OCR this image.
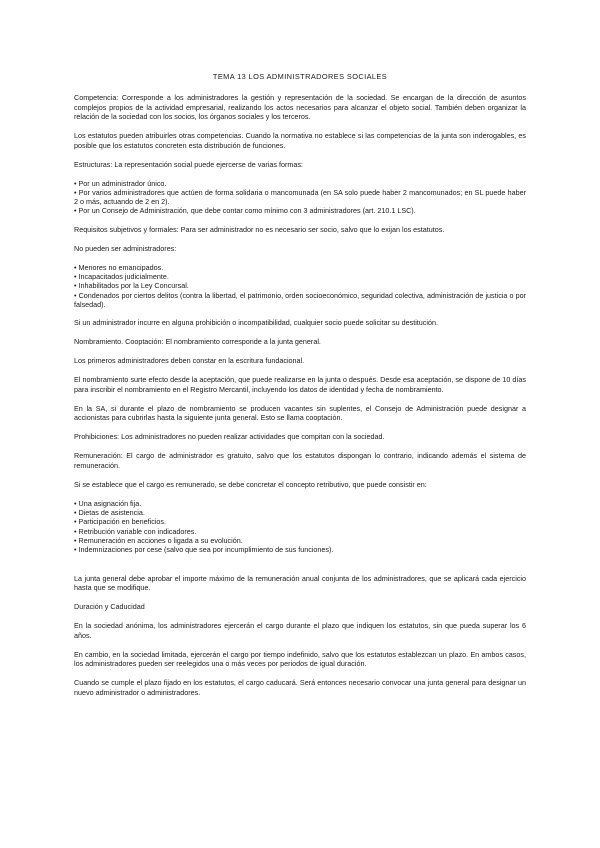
TEMA 13 LOS ADMINISTRADORES SOCIALES

Competencia: Corresponde a los administradores la gestión y representación de la sociedad. Se encargan de la dirección de asuntos complejos propios de la actividad empresarial, realizando los actos necesarios para alcanzar el objeto social. También deben organizar la relación de la sociedad con los socios, los órganos sociales y los terceros.

Los estatutos pueden atribuirles otras competencias. Cuando la normativa no establece si las competencias de la junta son inderogables, es posible que los estatutos concreten esta distribución de funciones.

Estructuras: La representación social puede ejercerse de varias formas:

• Por un administrador único.
• Por varios administradores que actúen de forma solidaria o mancomunada (en SA solo puede haber 2 mancomunados; en SL puede haber 2 o más, actuando de 2 en 2).
• Por un Consejo de Administración, que debe contar como mínimo con 3 administradores (art. 210.1 LSC).

Requisitos subjetivos y formales: Para ser administrador no es necesario ser socio, salvo que lo exijan los estatutos.

No pueden ser administradores:

• Menores no emancipados.
• Incapacitados judicialmente.
• Inhabilitados por la Ley Concursal.
• Condenados por ciertos delitos (contra la libertad, el patrimonio, orden socioeconómico, seguridad colectiva, administración de justicia o por falsedad).

Si un administrador incurre en alguna prohibición o incompatibilidad, cualquier socio puede solicitar su destitución.

Nombramiento. Cooptación: El nombramiento corresponde a la junta general.

Los primeros administradores deben constar en la escritura fundacional.

El nombramiento surte efecto desde la aceptación, que puede realizarse en la junta o después. Desde esa aceptación, se dispone de 10 días para inscribir el nombramiento en el Registro Mercantil, incluyendo los datos de identidad y fecha de nombramiento.

En la SA, si durante el plazo de nombramiento se producen vacantes sin suplentes, el Consejo de Administración puede designar a accionistas para cubrirlas hasta la siguiente junta general. Esto se llama cooptación.

Prohibiciones: Los administradores no pueden realizar actividades que compitan con la sociedad.

Remuneración: El cargo de administrador es gratuito, salvo que los estatutos dispongan lo contrario, indicando además el sistema de remuneración.

Si se establece que el cargo es remunerado, se debe concretar el concepto retributivo, que puede consistir en:

• Una asignación fija.
• Dietas de asistencia.
• Participación en beneficios.
• Retribución variable con indicadores.
• Remuneración en acciones o ligada a su evolución.
• Indemnizaciones por cese (salvo que sea por incumplimiento de sus funciones).

La junta general debe aprobar el importe máximo de la remuneración anual conjunta de los administradores, que se aplicará cada ejercicio hasta que se modifique.

Duración y Caducidad

En la sociedad anónima, los administradores ejercerán el cargo durante el plazo que indiquen los estatutos, sin que pueda superar los 6 años.

En cambio, en la sociedad limitada, ejercerán el cargo por tiempo indefinido, salvo que los estatutos establezcan un plazo. En ambos casos, los administradores pueden ser reelegidos una o más veces por periodos de igual duración.

Cuando se cumple el plazo fijado en los estatutos, el cargo caducará. Será entonces necesario convocar una junta general para designar un nuevo administrador o administradores.
